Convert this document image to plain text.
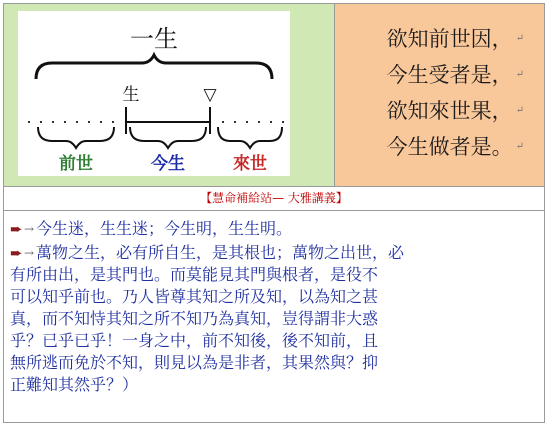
一生
生	▽
前世	今生	來世
欲知前世因， ↵
今生受者是， ↵
欲知來世果， ↵
今生做者是。 ↵
【慧命補給站— 大雅講義】
➨ → 今生迷，生生迷；今生明，生生明。
➨ → 萬物之生，必有所自生，是其根也；萬物之出世，必
有所由出，是其門也。而莫能見其門與根者，是役不
可以知乎前也。乃人皆尊其知之所及知，以為知之甚
真，而不知恃其知之所不知乃為真知，豈得謂非大惑
乎？已乎已乎！一身之中，前不知後，後不知前，且
無所逃而免於不知，則見以為是非者，其果然與？抑
正難知其然乎？）
